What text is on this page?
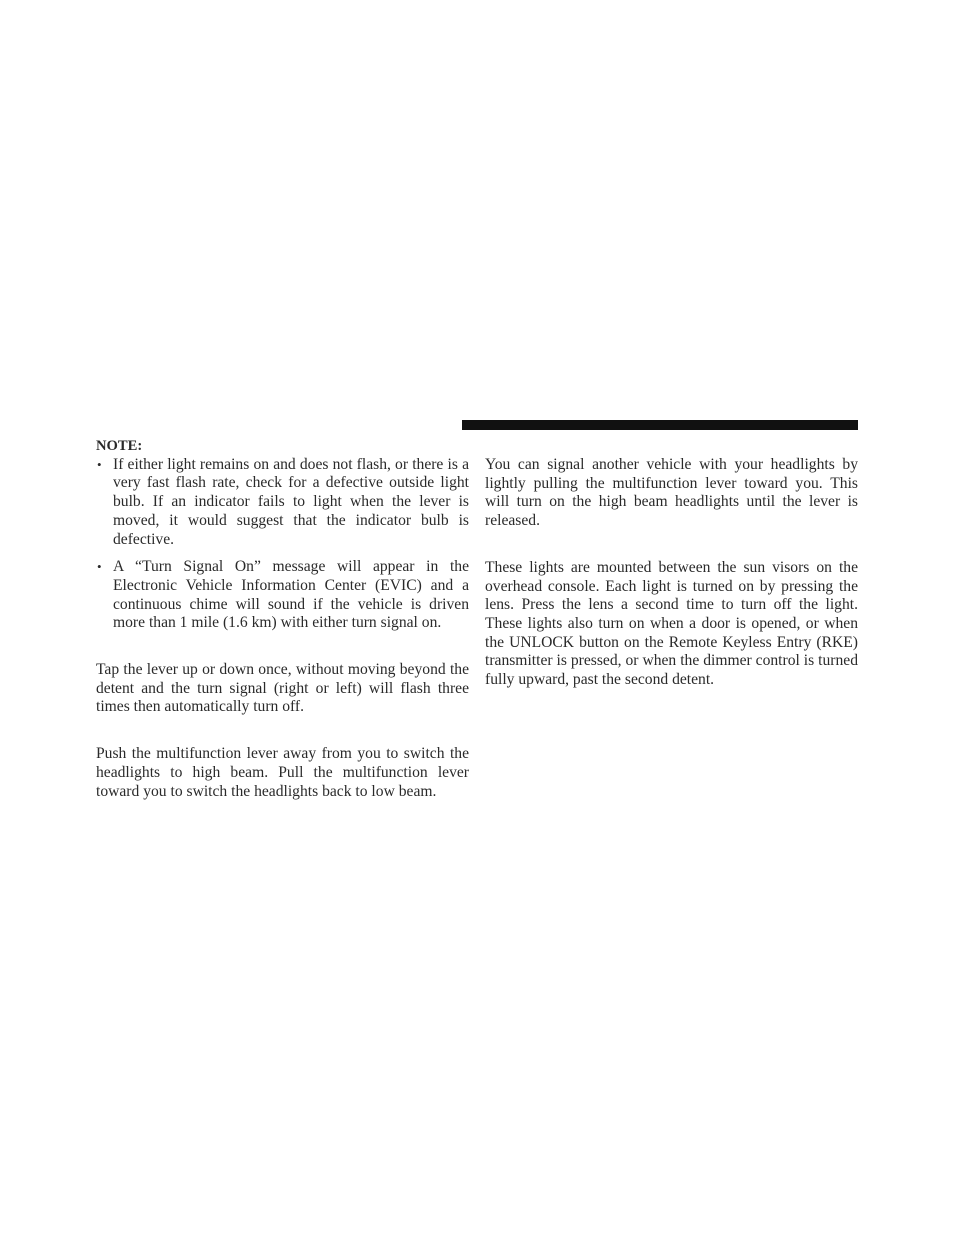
NOTE:
• If either light remains on and does not flash, or there is a very fast flash rate, check for a defective outside light bulb. If an indicator fails to light when the lever is moved, it would suggest that the indicator bulb is defective.
• A “Turn Signal On” message will appear in the Electronic Vehicle Information Center (EVIC) and a continuous chime will sound if the vehicle is driven more than 1 mile (1.6 km) with either turn signal on.

Tap the lever up or down once, without moving beyond the detent and the turn signal (right or left) will flash three times then automatically turn off.

Push the multifunction lever away from you to switch the headlights to high beam. Pull the multifunction lever toward you to switch the headlights back to low beam.

You can signal another vehicle with your headlights by lightly pulling the multifunction lever toward you. This will turn on the high beam headlights until the lever is released.

These lights are mounted between the sun visors on the overhead console. Each light is turned on by pressing the lens. Press the lens a second time to turn off the light. These lights also turn on when a door is opened, or when the UNLOCK button on the Remote Keyless Entry (RKE) transmitter is pressed, or when the dimmer control is turned fully upward, past the second detent.
